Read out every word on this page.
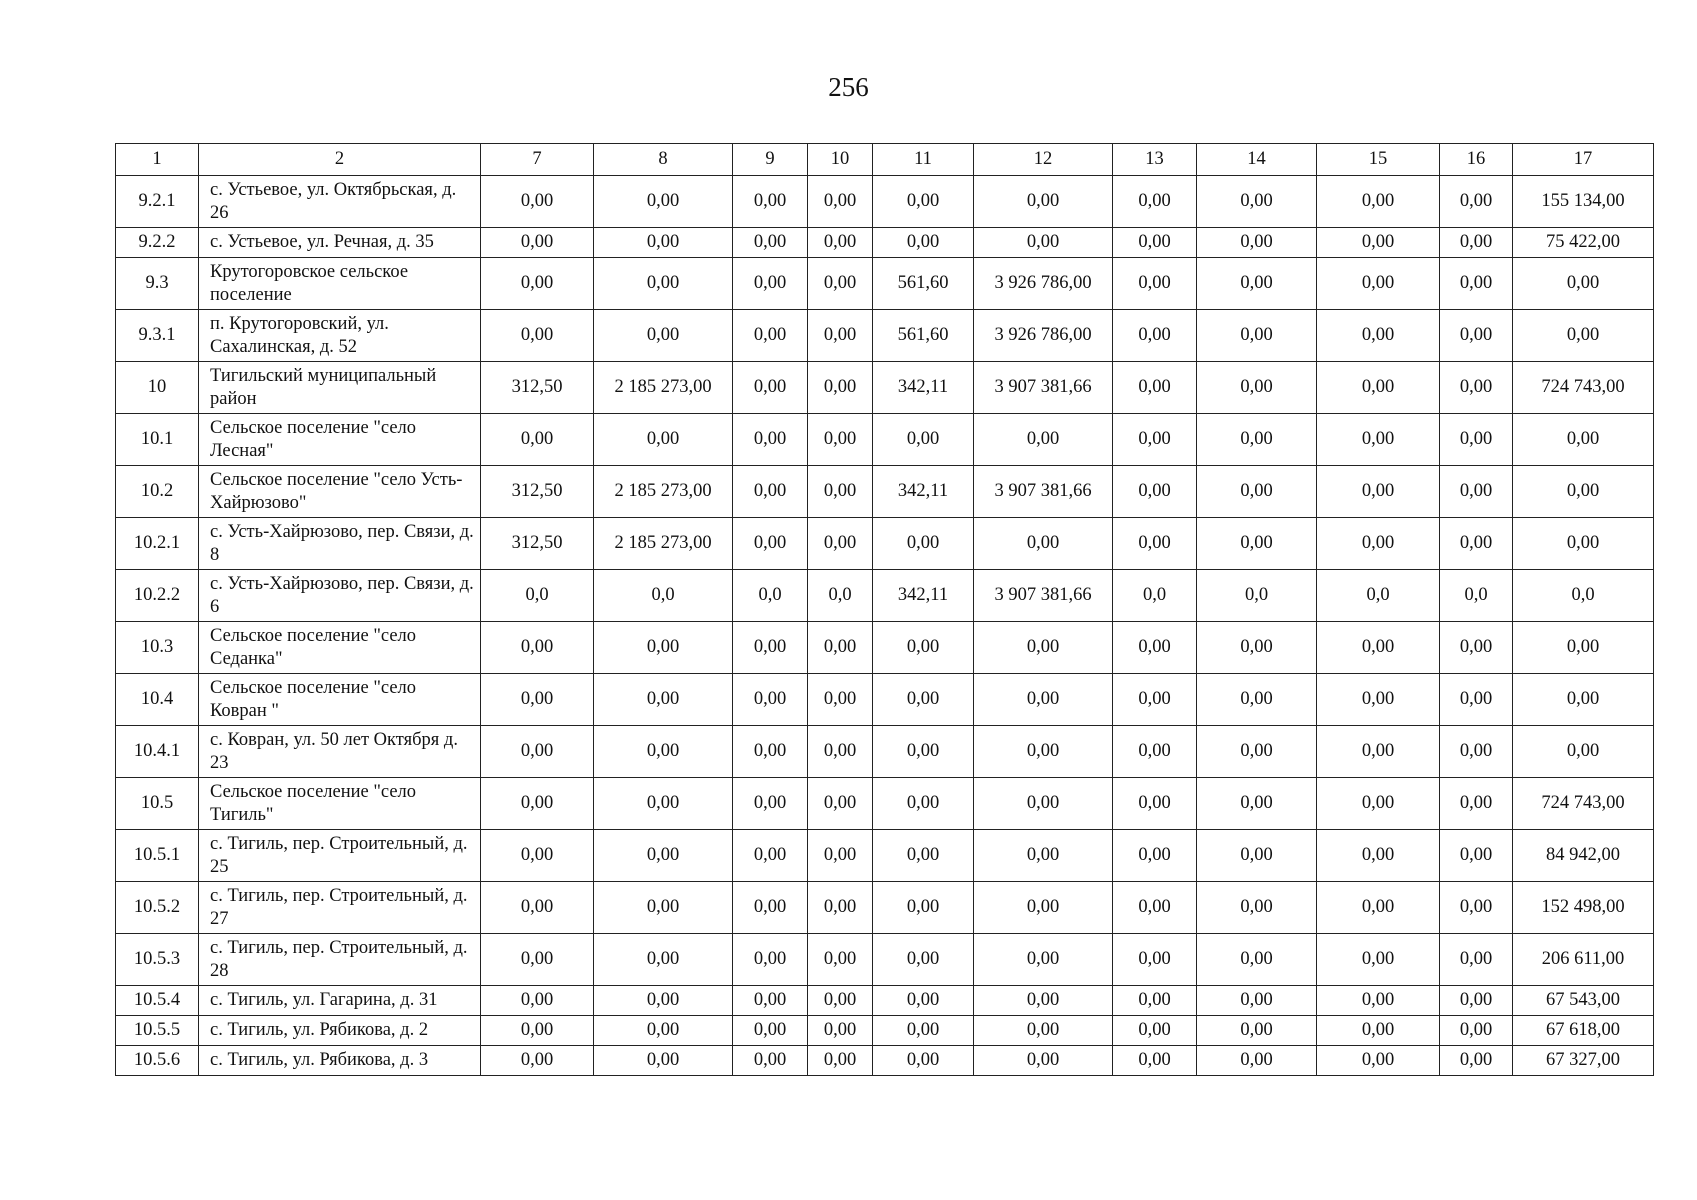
256
1	2	7	8	9	10	11	12	13	14	15	16	17
9.2.1	с. Устьевое, ул. Октябрьская, д. 26	0,00	0,00	0,00	0,00	0,00	0,00	0,00	0,00	0,00	0,00	155 134,00
9.2.2	с. Устьевое, ул. Речная, д. 35	0,00	0,00	0,00	0,00	0,00	0,00	0,00	0,00	0,00	0,00	75 422,00
9.3	Крутогоровское сельское поселение	0,00	0,00	0,00	0,00	561,60	3 926 786,00	0,00	0,00	0,00	0,00	0,00
9.3.1	п. Крутогоровский, ул. Сахалинская, д. 52	0,00	0,00	0,00	0,00	561,60	3 926 786,00	0,00	0,00	0,00	0,00	0,00
10	Тигильский муниципальный район	312,50	2 185 273,00	0,00	0,00	342,11	3 907 381,66	0,00	0,00	0,00	0,00	724 743,00
10.1	Сельское поселение "село Лесная"	0,00	0,00	0,00	0,00	0,00	0,00	0,00	0,00	0,00	0,00	0,00
10.2	Сельское поселение "село Усть-Хайрюзово"	312,50	2 185 273,00	0,00	0,00	342,11	3 907 381,66	0,00	0,00	0,00	0,00	0,00
10.2.1	с. Усть-Хайрюзово, пер. Связи, д. 8	312,50	2 185 273,00	0,00	0,00	0,00	0,00	0,00	0,00	0,00	0,00	0,00
10.2.2	с. Усть-Хайрюзово, пер. Связи, д. 6	0,0	0,0	0,0	0,0	342,11	3 907 381,66	0,0	0,0	0,0	0,0	0,0
10.3	Сельское поселение "село Седанка"	0,00	0,00	0,00	0,00	0,00	0,00	0,00	0,00	0,00	0,00	0,00
10.4	Сельское поселение "село Ковран "	0,00	0,00	0,00	0,00	0,00	0,00	0,00	0,00	0,00	0,00	0,00
10.4.1	с. Ковран, ул. 50 лет Октября д. 23	0,00	0,00	0,00	0,00	0,00	0,00	0,00	0,00	0,00	0,00	0,00
10.5	Сельское поселение "село Тигиль"	0,00	0,00	0,00	0,00	0,00	0,00	0,00	0,00	0,00	0,00	724 743,00
10.5.1	с. Тигиль, пер. Строительный, д. 25	0,00	0,00	0,00	0,00	0,00	0,00	0,00	0,00	0,00	0,00	84 942,00
10.5.2	с. Тигиль, пер. Строительный, д. 27	0,00	0,00	0,00	0,00	0,00	0,00	0,00	0,00	0,00	0,00	152 498,00
10.5.3	с. Тигиль, пер. Строительный, д. 28	0,00	0,00	0,00	0,00	0,00	0,00	0,00	0,00	0,00	0,00	206 611,00
10.5.4	с. Тигиль, ул. Гагарина, д. 31	0,00	0,00	0,00	0,00	0,00	0,00	0,00	0,00	0,00	0,00	67 543,00
10.5.5	с. Тигиль, ул. Рябикова, д. 2	0,00	0,00	0,00	0,00	0,00	0,00	0,00	0,00	0,00	0,00	67 618,00
10.5.6	с. Тигиль, ул. Рябикова, д. 3	0,00	0,00	0,00	0,00	0,00	0,00	0,00	0,00	0,00	0,00	67 327,00
